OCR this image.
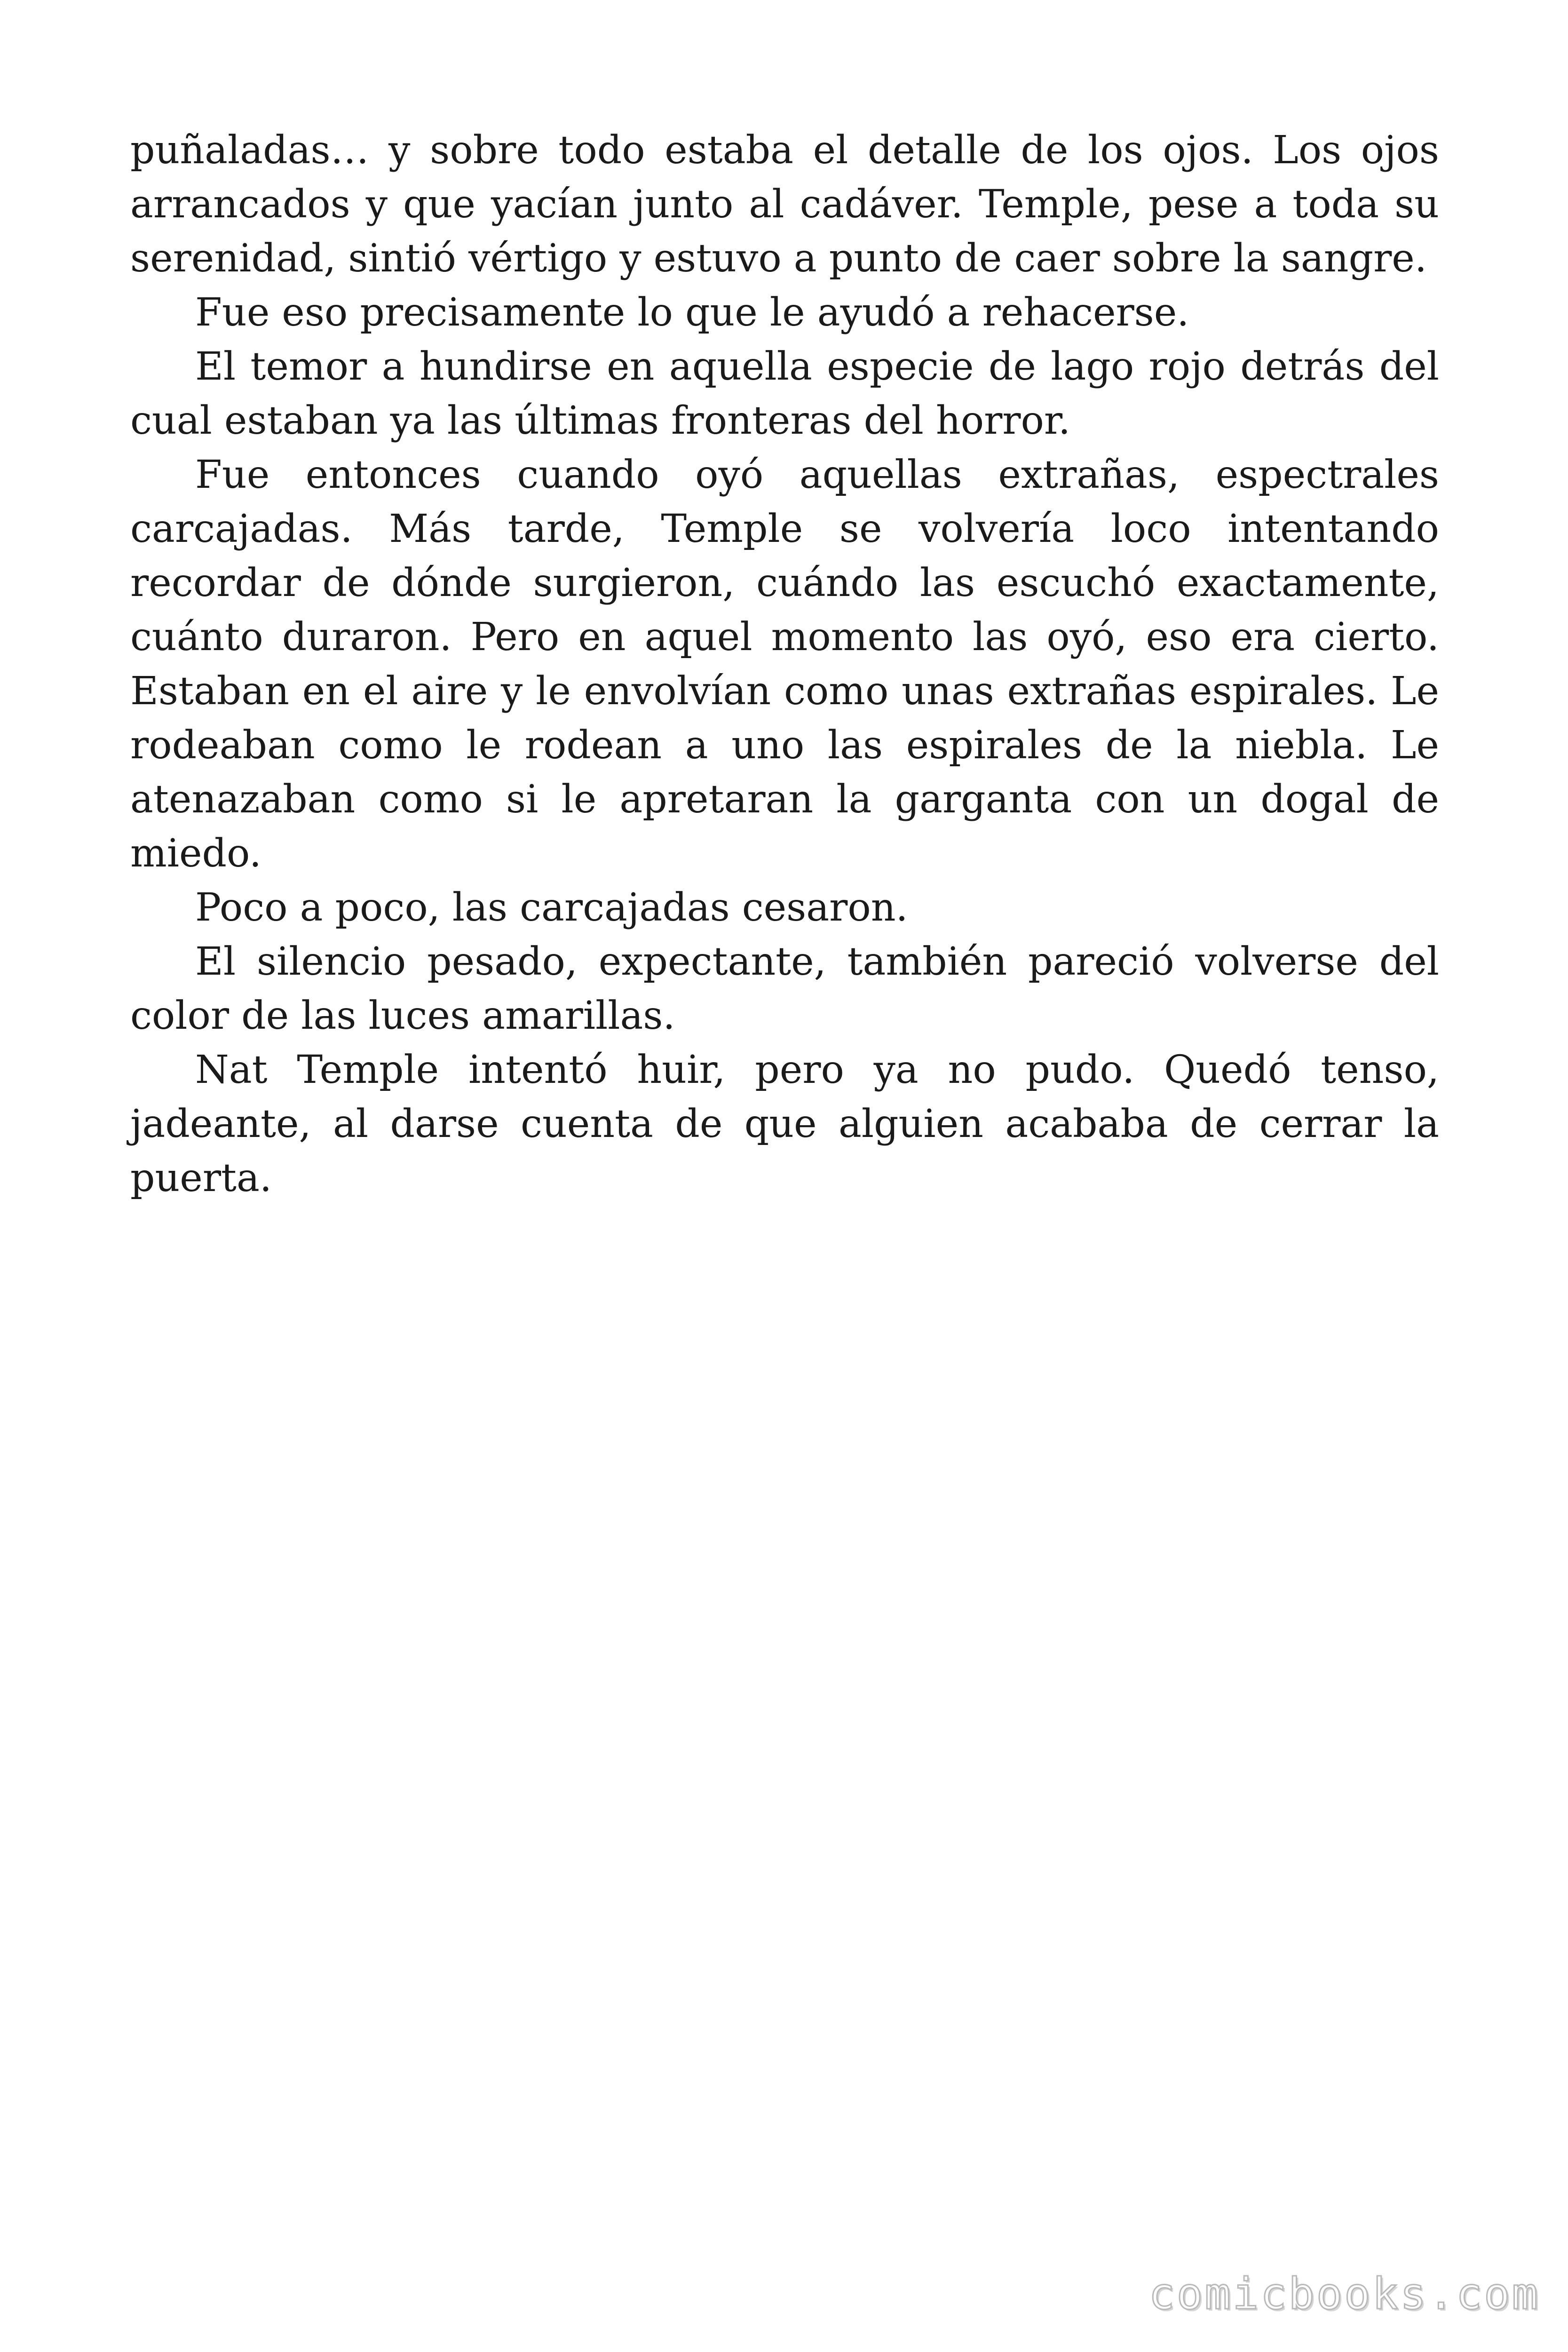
puñaladas… y sobre todo estaba el detalle de los ojos. Los ojos arrancados y que yacían junto al cadáver. Temple, pese a toda su serenidad, sintió vértigo y estuvo a punto de caer sobre la sangre.

Fue eso precisamente lo que le ayudó a rehacerse.

El temor a hundirse en aquella especie de lago rojo detrás del cual estaban ya las últimas fronteras del horror.

Fue entonces cuando oyó aquellas extrañas, espectrales carcajadas. Más tarde, Temple se volvería loco intentando recordar de dónde surgieron, cuándo las escuchó exactamente, cuánto duraron. Pero en aquel momento las oyó, eso era cierto. Estaban en el aire y le envolvían como unas extrañas espirales. Le rodeaban como le rodean a uno las espirales de la niebla. Le atenazaban como si le apretaran la garganta con un dogal de miedo.

Poco a poco, las carcajadas cesaron.

El silencio pesado, expectante, también pareció volverse del color de las luces amarillas.

Nat Temple intentó huir, pero ya no pudo. Quedó tenso, jadeante, al darse cuenta de que alguien acababa de cerrar la puerta.

comicbooks.com
